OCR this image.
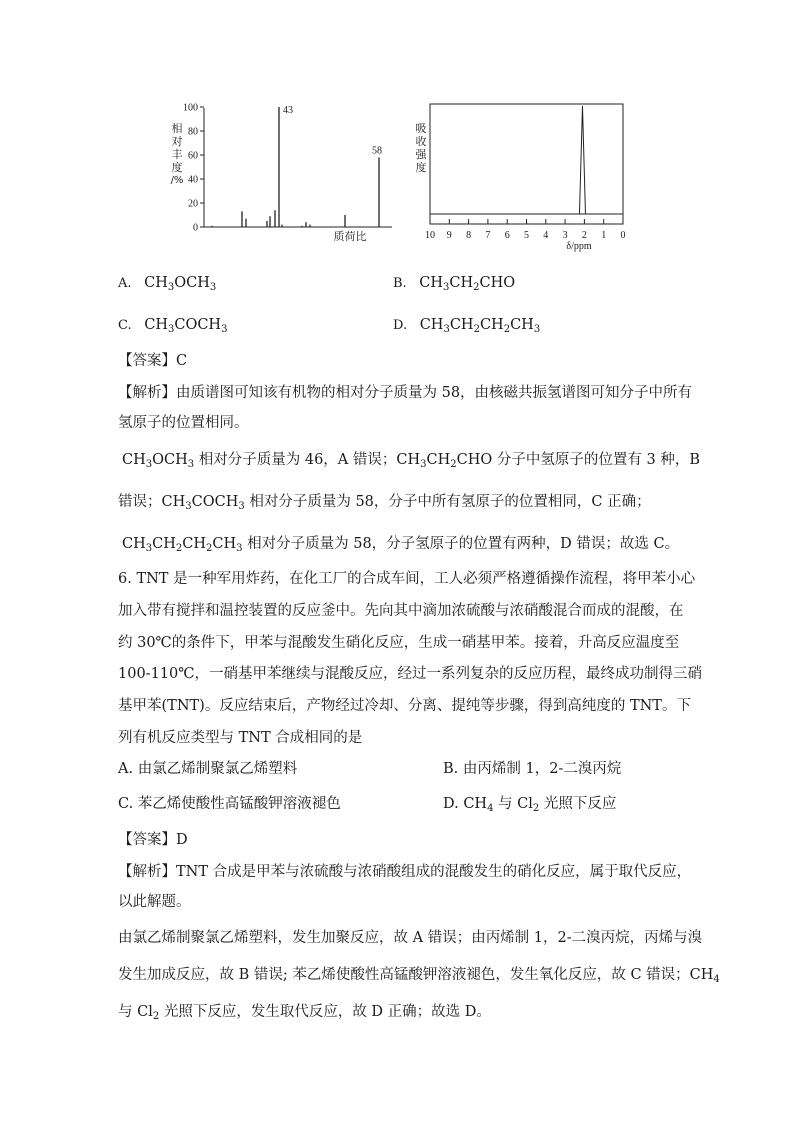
相
对
丰
度
/%
0
20
40
60
80
100	43
58
质荷比
吸
收
强
度
10 9 8 7 6 5 4 3 2 1 0
δ/ppm
A. $CH_3OCH_3$	B. $CH_3CH_2CHO$
C. $CH_3COCH_3$	D. $CH_3CH_2CH_2CH_3$
【答案】C
【解析】由质谱图可知该有机物的相对分子质量为 58，由核磁共振氢谱图可知分子中所有
氢原子的位置相同。
$CH_3OCH_3$ 相对分子质量为 46，A 错误；$CH_3CH_2CHO$ 分子中氢原子的位置有 3 种，B
错误；$CH_3COCH_3$ 相对分子质量为 58，分子中所有氢原子的位置相同，C 正确；
$CH_3CH_2CH_2CH_3$ 相对分子质量为 58，分子氢原子的位置有两种，D 错误；故选 C。
6. TNT 是一种军用炸药，在化工厂的合成车间，工人必须严格遵循操作流程，将甲苯小心
加入带有搅拌和温控装置的反应釜中。先向其中滴加浓硫酸与浓硝酸混合而成的混酸，在
约 30℃的条件下，甲苯与混酸发生硝化反应，生成一硝基甲苯。接着，升高反应温度至
100-110℃，一硝基甲苯继续与混酸反应，经过一系列复杂的反应历程，最终成功制得三硝
基甲苯(TNT)。反应结束后，产物经过冷却、分离、提纯等步骤，得到高纯度的 TNT。下
列有机反应类型与 TNT 合成相同的是
A. 由氯乙烯制聚氯乙烯塑料	B. 由丙烯制 1，2-二溴丙烷
C. 苯乙烯使酸性高锰酸钾溶液褪色	D. $CH_4$ 与 $Cl_2$ 光照下反应
【答案】D
【解析】TNT 合成是甲苯与浓硫酸与浓硝酸组成的混酸发生的硝化反应，属于取代反应，
以此解题。
由氯乙烯制聚氯乙烯塑料，发生加聚反应，故 A 错误；由丙烯制 1，2-二溴丙烷，丙烯与溴
发生加成反应，故 B 错误; 苯乙烯使酸性高锰酸钾溶液褪色，发生氧化反应，故 C 错误；$CH_4$
与 $Cl_2$ 光照下反应，发生取代反应，故 D 正确；故选 D。
